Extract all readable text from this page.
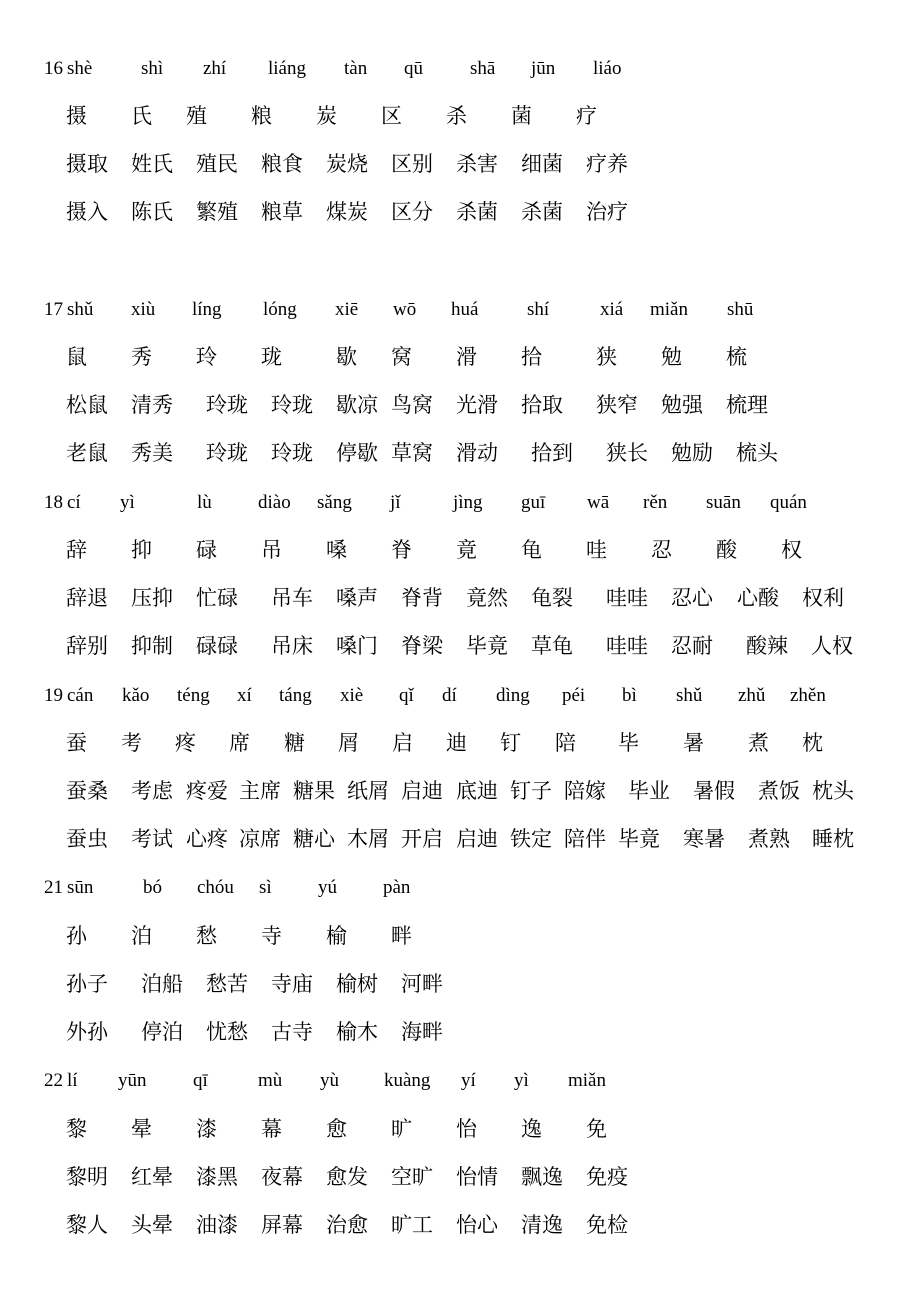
16 shè	shì zhí liáng tàn qū shā jūn liáo
摄 氏 殖 粮 炭 区 杀 菌 疗
摄取 姓氏 殖民 粮食 炭烧 区别 杀害 细菌 疗养
摄入 陈氏 繁殖 粮草 煤炭 区分 杀菌 杀菌 治疗
17 shǔ xiù líng lóng xiē wō huá	shí	xiá miǎn shū
鼠 秀 玲 珑	歇 窝 滑 拾	狭 勉 梳
松鼠 清秀 玲珑 玲珑 歇凉 鸟窝 光滑 拾取 狭窄 勉强 梳理
老鼠 秀美 玲珑 玲珑 停歇 草窝 滑动 拾到 狭长 勉励 梳头
18 cí yì	lù diào sǎng jǐ	jìng guī wā rěn suān quán
辞 抑 碌 吊 嗓 脊 竟 龟 哇 忍 酸 权
辞退 压抑 忙碌 吊车 嗓声 脊背 竟然 龟裂 哇哇 忍心 心酸 权利
辞别 抑制 碌碌 吊床 嗓门 脊梁 毕竟 草龟 哇哇 忍耐 酸辣 人权
19 cán kǎo téng xí táng xiè qǐ dí dìng péi bì shǔ zhǔ zhěn
蚕 考 疼 席 糖 屑 启 迪 钉 陪 毕 暑 煮 枕
蚕桑 考虑 疼爱 主席 糖果 纸屑 启迪 底迪 钉子 陪嫁 毕业 暑假 煮饭 枕头
蚕虫 考试 心疼 凉席 糖心 木屑 开启 启迪 铁定 陪伴 毕竟 寒暑 煮熟 睡枕
21 sūn	bó chóu sì yú pàn
孙 泊 愁 寺 榆 畔
孙子 泊船 愁苦 寺庙 榆树 河畔
外孙 停泊 忧愁 古寺 榆木 海畔
22 lí yūn qī	mù yù kuàng yí yì miǎn
黎 晕 漆 幕 愈 旷 怡 逸 免
黎明 红晕 漆黑 夜幕 愈发 空旷 怡情 飘逸 免疫
黎人 头晕 油漆 屏幕 治愈 旷工 怡心 清逸 免检
